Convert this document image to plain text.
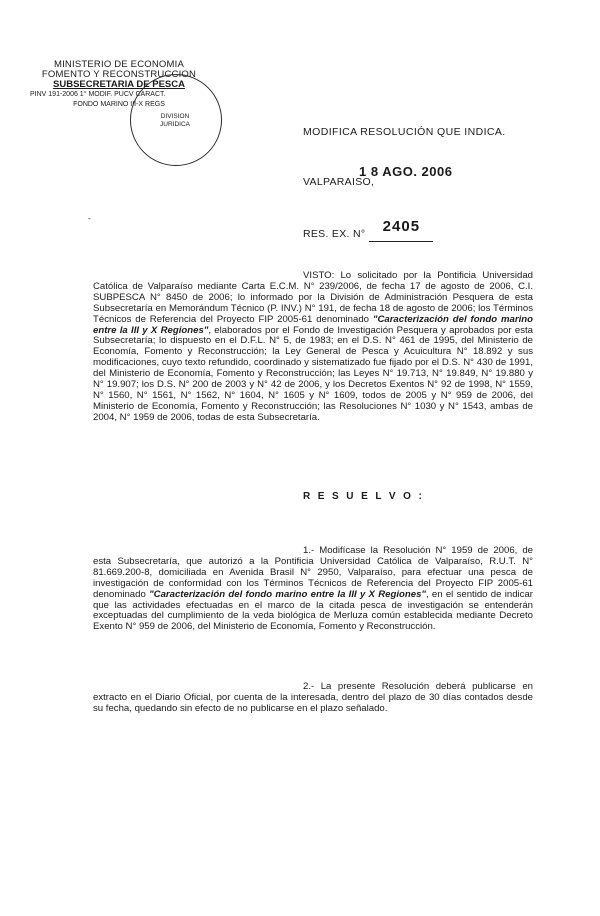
MINISTERIO DE ECONOMIA
FOMENTO Y RECONSTRUCCION
SUBSECRETARIA DE PESCA
PINV 191-2006 1° MODIF. PUCV CARACT.
FONDO MARINO III-X REGS
DIVISION JURIDICA
MODIFICA RESOLUCIÓN QUE INDICA.
1 8 AGO. 2006
VALPARAISO,
-
RES. EX. N° 2405

VISTO: Lo solicitado por la Pontificia Universidad Católica de Valparaíso mediante Carta E.C.M. N° 239/2006, de fecha 17 de agosto de 2006, C.I. SUBPESCA N° 8450 de 2006; lo informado por la División de Administración Pesquera de esta Subsecretaría en Memorándum Técnico (P. INV.) N° 191, de fecha 18 de agosto de 2006; los Términos Técnicos de Referencia del Proyecto FIP 2005-61 denominado "Caracterización del fondo marino entre la III y X Regiones", elaborados por el Fondo de Investigación Pesquera y aprobados por esta Subsecretaría; lo dispuesto en el D.F.L. N° 5, de 1983; en el D.S. N° 461 de 1995, del Ministerio de Economía, Fomento y Reconstrucción; la Ley General de Pesca y Acuicultura N° 18.892 y sus modificaciones, cuyo texto refundido, coordinado y sistematizado fue fijado por el D.S. N° 430 de 1991, del Ministerio de Economía, Fomento y Reconstrucción; las Leyes N° 19.713, N° 19.849, N° 19.880 y N° 19.907; los D.S. N° 200 de 2003 y N° 42 de 2006, y los Decretos Exentos N° 92 de 1998, N° 1559, N° 1560, N° 1561, N° 1562, N° 1604, N° 1605 y N° 1609, todos de 2005 y N° 959 de 2006, del Ministerio de Economía, Fomento y Reconstrucción; las Resoluciones N° 1030 y N° 1543, ambas de 2004, N° 1959 de 2006, todas de esta Subsecretaría.

R E S U E L V O :

1.- Modifícase la Resolución N° 1959 de 2006, de esta Subsecretaría, que autorizó a la Pontificia Universidad Católica de Valparaíso, R.U.T. N° 81.669.200-8, domiciliada en Avenida Brasil N° 2950, Valparaíso, para efectuar una pesca de investigación de conformidad con los Términos Técnicos de Referencia del Proyecto FIP 2005-61 denominado "Caracterización del fondo marino entre la III y X Regiones", en el sentido de indicar que las actividades efectuadas en el marco de la citada pesca de investigación se entenderán exceptuadas del cumplimiento de la veda biológica de Merluza común establecida mediante Decreto Exento N° 959 de 2006, del Ministerio de Economía, Fomento y Reconstrucción.

2.- La presente Resolución deberá publicarse en extracto en el Diario Oficial, por cuenta de la interesada, dentro del plazo de 30 días contados desde su fecha, quedando sin efecto de no publicarse en el plazo señalado.
